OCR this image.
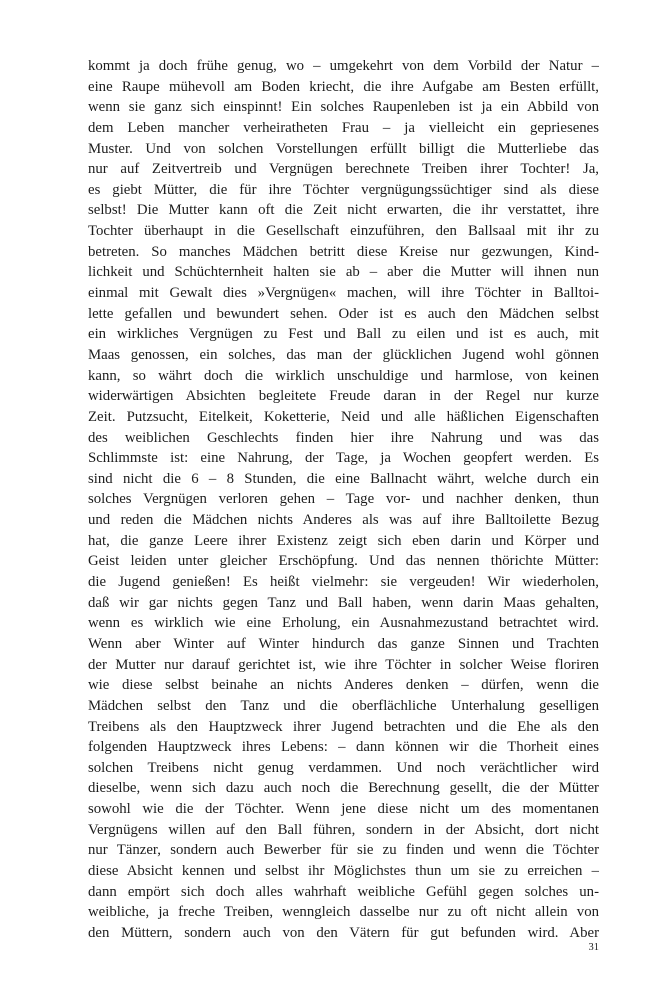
kommt ja doch frühe genug, wo – umgekehrt von dem Vorbild der Natur –
eine Raupe mühevoll am Boden kriecht, die ihre Aufgabe am Besten erfüllt,
wenn sie ganz sich einspinnt! Ein solches Raupenleben ist ja ein Abbild von
dem Leben mancher verheiratheten Frau – ja vielleicht ein gepriesenes
Muster. Und von solchen Vorstellungen erfüllt billigt die Mutterliebe das
nur auf Zeitvertreib und Vergnügen berechnete Treiben ihrer Tochter! Ja,
es giebt Mütter, die für ihre Töchter vergnügungssüchtiger sind als diese
selbst! Die Mutter kann oft die Zeit nicht erwarten, die ihr verstattet, ihre
Tochter überhaupt in die Gesellschaft einzuführen, den Ballsaal mit ihr zu
betreten. So manches Mädchen betritt diese Kreise nur gezwungen, Kind-
lichkeit und Schüchternheit halten sie ab – aber die Mutter will ihnen nun
einmal mit Gewalt dies »Vergnügen« machen, will ihre Töchter in Balltoi-
lette gefallen und bewundert sehen. Oder ist es auch den Mädchen selbst
ein wirkliches Vergnügen zu Fest und Ball zu eilen und ist es auch, mit
Maas genossen, ein solches, das man der glücklichen Jugend wohl gönnen
kann, so währt doch die wirklich unschuldige und harmlose, von keinen
widerwärtigen Absichten begleitete Freude daran in der Regel nur kurze
Zeit. Putzsucht, Eitelkeit, Koketterie, Neid und alle häßlichen Eigenschaften
des weiblichen Geschlechts finden hier ihre Nahrung und was das
Schlimmste ist: eine Nahrung, der Tage, ja Wochen geopfert werden. Es
sind nicht die 6 – 8 Stunden, die eine Ballnacht währt, welche durch ein
solches Vergnügen verloren gehen – Tage vor- und nachher denken, thun
und reden die Mädchen nichts Anderes als was auf ihre Balltoilette Bezug
hat, die ganze Leere ihrer Existenz zeigt sich eben darin und Körper und
Geist leiden unter gleicher Erschöpfung. Und das nennen thörichte Mütter:
die Jugend genießen! Es heißt vielmehr: sie vergeuden! Wir wiederholen,
daß wir gar nichts gegen Tanz und Ball haben, wenn darin Maas gehalten,
wenn es wirklich wie eine Erholung, ein Ausnahmezustand betrachtet wird.
Wenn aber Winter auf Winter hindurch das ganze Sinnen und Trachten
der Mutter nur darauf gerichtet ist, wie ihre Töchter in solcher Weise floriren
wie diese selbst beinahe an nichts Anderes denken – dürfen, wenn die
Mädchen selbst den Tanz und die oberflächliche Unterhalung geselligen
Treibens als den Hauptzweck ihrer Jugend betrachten und die Ehe als den
folgenden Hauptzweck ihres Lebens: – dann können wir die Thorheit eines
solchen Treibens nicht genug verdammen. Und noch verächtlicher wird
dieselbe, wenn sich dazu auch noch die Berechnung gesellt, die der Mütter
sowohl wie die der Töchter. Wenn jene diese nicht um des momentanen
Vergnügens willen auf den Ball führen, sondern in der Absicht, dort nicht
nur Tänzer, sondern auch Bewerber für sie zu finden und wenn die Töchter
diese Absicht kennen und selbst ihr Möglichstes thun um sie zu erreichen –
dann empört sich doch alles wahrhaft weibliche Gefühl gegen solches un-
weibliche, ja freche Treiben, wenngleich dasselbe nur zu oft nicht allein von
den Müttern, sondern auch von den Vätern für gut befunden wird. Aber
31
